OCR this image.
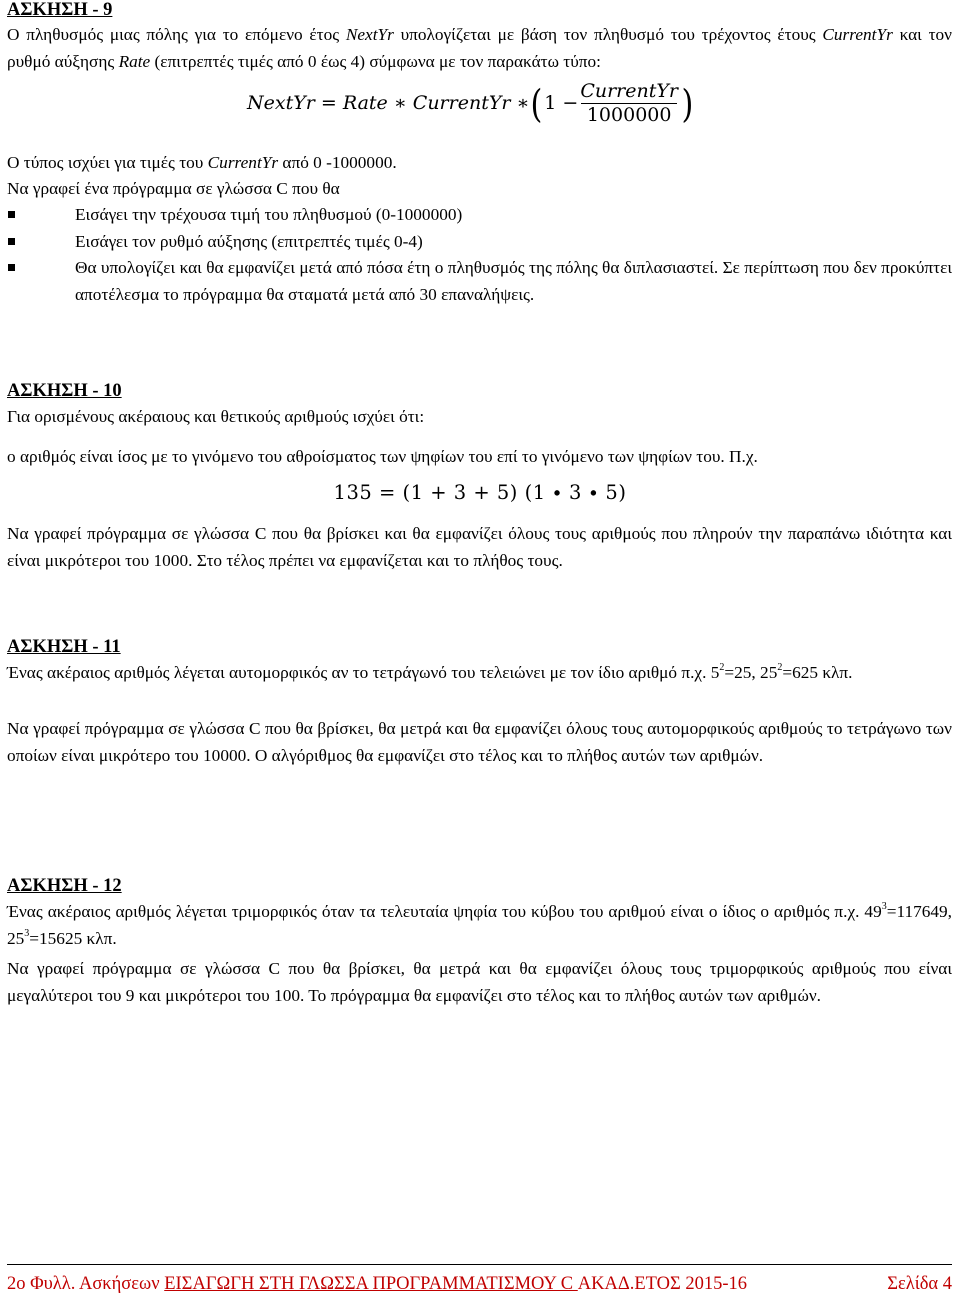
ΑΣΚΗΣΗ - 9
Ο πληθυσμός μιας πόλης για το επόμενο έτος NextYr υπολογίζεται με βάση τον πληθυσμό του τρέχοντος έτους CurrentYr και τον ρυθμό αύξησης Rate (επιτρεπτές τιμές από 0 έως 4) σύμφωνα με τον παρακάτω τύπο:
NextYr = Rate ∗ CurrentYr ∗ ( $1 - \frac{\text{CurrentYr}}{1000000}$ )
Ο τύπος ισχύει για τιμές του CurrentYr από 0 -1000000.
Να γραφεί ένα πρόγραμμα σε γλώσσα C που θα
Εισάγει την τρέχουσα τιμή του πληθυσμού (0-1000000)
Εισάγει τον ρυθμό αύξησης (επιτρεπτές τιμές 0-4)
Θα υπολογίζει και θα εμφανίζει μετά από πόσα έτη ο πληθυσμός της πόλης θα διπλασιαστεί. Σε περίπτωση που δεν προκύπτει αποτέλεσμα το πρόγραμμα θα σταματά μετά από 30 επαναλήψεις.
ΑΣΚΗΣΗ - 10
Για ορισμένους ακέραιους και θετικούς αριθμούς ισχύει ότι:
ο αριθμός είναι ίσος με το γινόμενο του αθροίσματος των ψηφίων του επί το γινόμενο των ψηφίων του. Π.χ.
135 = (1 + 3 + 5) (1 ∙ 3 ∙ 5)
Να γραφεί πρόγραμμα σε γλώσσα C που θα βρίσκει και θα εμφανίζει όλους τους αριθμούς που πληρούν την παραπάνω ιδιότητα και είναι μικρότεροι του 1000. Στο τέλος πρέπει να εμφανίζεται και το πλήθος τους.
ΑΣΚΗΣΗ - 11
Ένας ακέραιος αριθμός λέγεται αυτομορφικός αν το τετράγωνό του τελειώνει με τον ίδιο αριθμό π.χ. $5^2=25$, $25^2=625$ κλπ.
Να γραφεί πρόγραμμα σε γλώσσα C που θα βρίσκει, θα μετρά και θα εμφανίζει όλους τους αυτομορφικούς αριθμούς το τετράγωνο των οποίων είναι μικρότερο του 10000. Ο αλγόριθμος θα εμφανίζει στο τέλος και το πλήθος αυτών των αριθμών.
ΑΣΚΗΣΗ - 12
Ένας ακέραιος αριθμός λέγεται τριμορφικός όταν τα τελευταία ψηφία του κύβου του αριθμού είναι ο ίδιος ο αριθμός π.χ. $49^3=117649$, $25^3=15625$ κλπ.
Να γραφεί πρόγραμμα σε γλώσσα C που θα βρίσκει, θα μετρά και θα εμφανίζει όλους τους τριμορφικούς αριθμούς που είναι μεγαλύτεροι του 9 και μικρότεροι του 100. Το πρόγραμμα θα εμφανίζει στο τέλος και το πλήθος αυτών των αριθμών.
2ο Φυλλ. Ασκήσεων ΕΙΣΑΓΩΓΗ ΣΤΗ ΓΛΩΣΣΑ ΠΡΟΓΡΑΜΜΑΤΙΣΜΟΥ C ΑΚΑΔ.ΕΤΟΣ 2015-16	Σελίδα 4
